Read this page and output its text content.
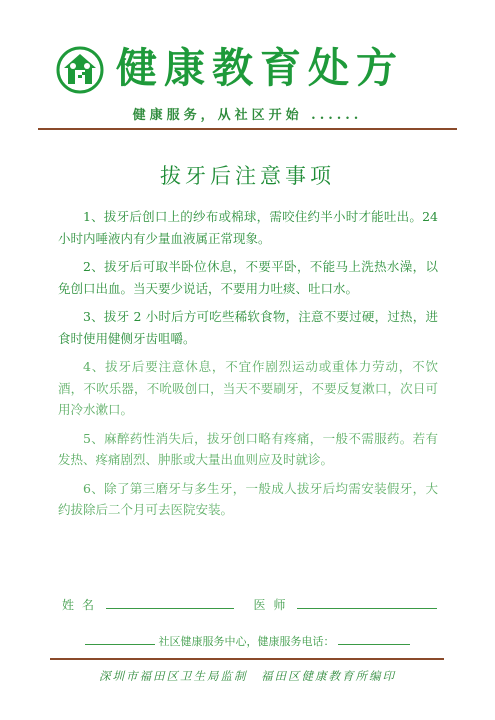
健康教育处方
健康服务，从社区开始 ......
拔牙后注意事项

1、拔牙后创口上的纱布或棉球，需咬住约半小时才能吐出。24 小时内唾液内有少量血液属正常现象。

2、拔牙后可取半卧位休息，不要平卧，不能马上洗热水澡，以免创口出血。当天要少说话，不要用力吐痰、吐口水。

3、拔牙 2 小时后方可吃些稀软食物，注意不要过硬，过热，进食时使用健侧牙齿咀嚼。

4、拔牙后要注意休息，不宜作剧烈运动或重体力劳动，不饮酒，不吹乐器，不吮吸创口，当天不要刷牙，不要反复漱口，次日可用冷水漱口。

5、麻醉药性消失后，拔牙创口略有疼痛，一般不需服药。若有发热、疼痛剧烈、肿胀或大量出血则应及时就诊。

6、除了第三磨牙与多生牙，一般成人拔牙后均需安装假牙，大约拔除后二个月可去医院安装。

姓名	医师
社区健康服务中心，健康服务电话：
深圳市福田区卫生局监制　福田区健康教育所编印
